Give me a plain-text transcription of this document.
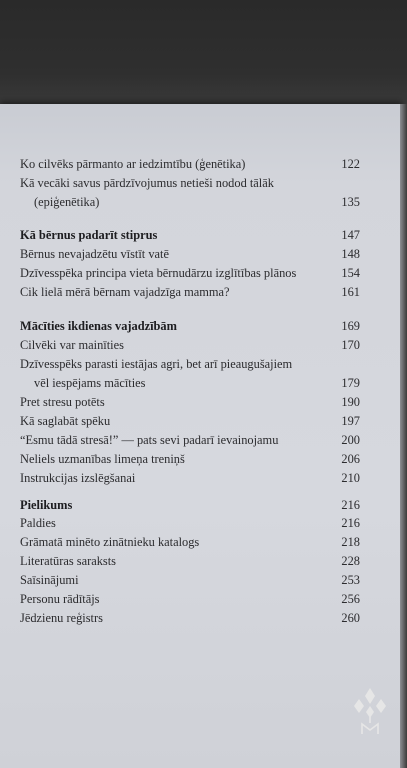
Ko cilvēks pārmanto ar iedzimtību (ģenētika)	122
Kā vecāki savus pārdzīvojumus netieši nodod tālāk
(epiģenētika)	135
Kā bērnus padarīt stiprus	147
Bērnus nevajadzētu vīstīt vatē	148
Dzīvesspēka principa vieta bērnudārzu izglītības plānos	154
Cik lielā mērā bērnam vajadzīga mamma?	161
Mācīties ikdienas vajadzībām	169
Cilvēki var mainīties	170
Dzīvesspēks parasti iestājas agri, bet arī pieaugušajiem
vēl iespējams mācīties	179
Pret stresu potēts	190
Kā saglabāt spēku	197
“Esmu tādā stresā!” — pats sevi padarī ievainojamu	200
Neliels uzmanības limeņa treniņš	206
Instrukcijas izslēgšanai	210
Pielikums	216
Paldies	216
Grāmatā minēto zinātnieku katalogs	218
Literatūras saraksts	228
Saīsinājumi	253
Personu rādītājs	256
Jēdzienu reģistrs	260
